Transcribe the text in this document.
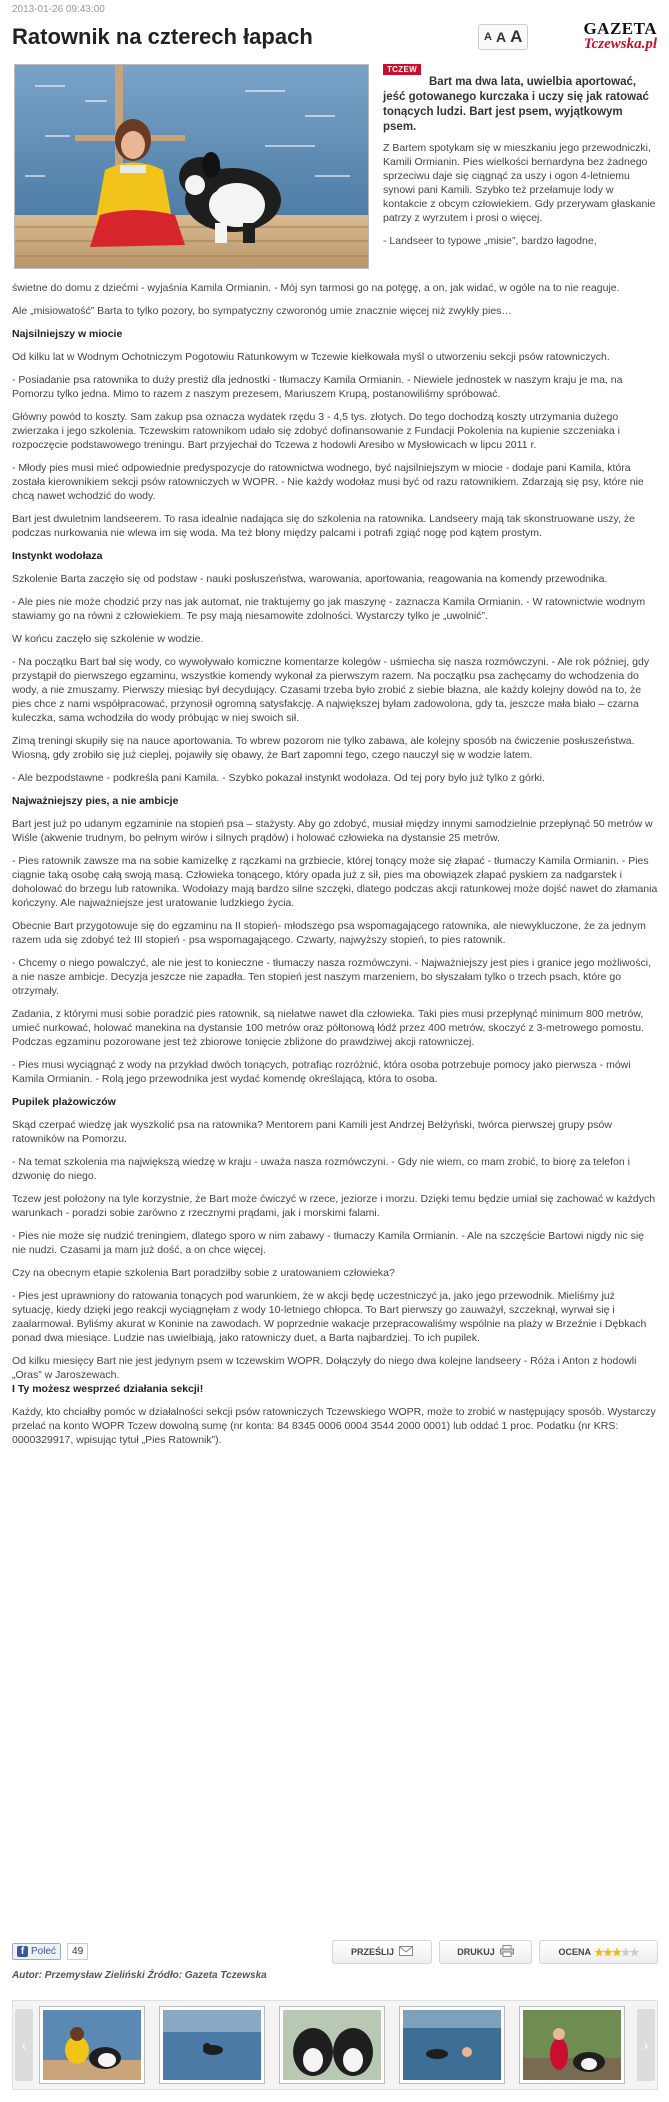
2013-01-26 09:43:00
Ratownik na czterech łapach	A A A	GAZETA
Tczewska.pl
TCZEW

Bart ma dwa lata, uwielbia aportować, jeść gotowanego kurczaka i uczy się jak ratować tonących ludzi. Bart jest psem, wyjątkowym psem.

Z Bartem spotykam się w mieszkaniu jego przewodniczki, Kamili Ormianin. Pies wielkości bernardyna bez żadnego sprzeciwu daje się ciągnąć za uszy i ogon 4-letniemu synowi pani Kamili. Szybko też przełamuje lody w kontakcie z obcym człowiekiem. Gdy przerywam głaskanie patrzy z wyrzutem i prosi o więcej.

- Landseer to typowe „misie”, bardzo łagodne,

świetne do domu z dziećmi - wyjaśnia Kamila Ormianin. - Mój syn tarmosi go na potęgę, a on, jak widać, w ogóle na to nie reaguje.

Ale „misiowatość” Barta to tylko pozory, bo sympatyczny czworonóg umie znacznie więcej niż zwykły pies…

Najsilniejszy w miocie

Od kilku lat w Wodnym Ochotniczym Pogotowiu Ratunkowym w Tczewie kiełkowała myśl o utworzeniu sekcji psów ratowniczych.

- Posiadanie psa ratownika to duży prestiż dla jednostki - tłumaczy Kamila Ormianin. - Niewiele jednostek w naszym kraju je ma, na Pomorzu tylko jedna. Mimo to razem z naszym prezesem, Mariuszem Krupą, postanowiliśmy spróbować.

Główny powód to koszty. Sam zakup psa oznacza wydatek rzędu 3 - 4,5 tys. złotych. Do tego dochodzą koszty utrzymania dużego zwierzaka i jego szkolenia. Tczewskim ratownikom udało się zdobyć dofinansowanie z Fundacji Pokolenia na kupienie szczeniaka i rozpoczęcie podstawowego treningu. Bart przyjechał do Tczewa z hodowli Aresibo w Mysłowicach w lipcu 2011 r.

- Młody pies musi mieć odpowiednie predyspozycje do ratownictwa wodnego, być najsilniejszym w miocie - dodaje pani Kamila, która została kierownikiem sekcji psów ratowniczych w WOPR. - Nie każdy wodołaz musi być od razu ratownikiem. Zdarzają się psy, które nie chcą nawet wchodzić do wody.

Bart jest dwuletnim landseerem. To rasa idealnie nadająca się do szkolenia na ratownika. Landseery mają tak skonstruowane uszy, że podczas nurkowania nie wlewa im się woda. Ma też błony między palcami i potrafi zgiąć nogę pod kątem prostym.

Instynkt wodołaza

Szkolenie Barta zaczęło się od podstaw - nauki posłuszeństwa, warowania, aportowania, reagowania na komendy przewodnika.

- Ale pies nie może chodzić przy nas jak automat, nie traktujemy go jak maszynę - zaznacza Kamila Ormianin. - W ratownictwie wodnym stawiamy go na równi z człowiekiem. Te psy mają niesamowite zdolności. Wystarczy tylko je „uwolnić”.

W końcu zaczęło się szkolenie w wodzie.

- Na początku Bart bał się wody, co wywoływało komiczne komentarze kolegów - uśmiecha się nasza rozmówczyni. - Ale rok później, gdy przystąpił do pierwszego egzaminu, wszystkie komendy wykonał za pierwszym razem. Na początku psa zachęcamy do wchodzenia do wody, a nie zmuszamy. Pierwszy miesiąc był decydujący. Czasami trzeba było zrobić z siebie błazna, ale każdy kolejny dowód na to, że pies chce z nami współpracować, przynosił ogromną satysfakcję. A największej byłam zadowolona, gdy ta, jeszcze mała biało – czarna kuleczka, sama wchodziła do wody próbując w niej swoich sił.

Zimą treningi skupiły się na nauce aportowania. To wbrew pozorom nie tylko zabawa, ale kolejny sposób na ćwiczenie posłuszeństwa. Wiosną, gdy zrobiło się już cieplej, pojawiły się obawy, że Bart zapomni tego, czego nauczył się w wodzie latem.

- Ale bezpodstawne - podkreśla pani Kamila. - Szybko pokazał instynkt wodołaza. Od tej pory było już tylko z górki.

Najważniejszy pies, a nie ambicje

Bart jest już po udanym egzaminie na stopień psa – stażysty. Aby go zdobyć, musiał między innymi samodzielnie przepłynąć 50 metrów w Wiśle (akwenie trudnym, bo pełnym wirów i silnych prądów) i holować człowieka na dystansie 25 metrów.

- Pies ratownik zawsze ma na sobie kamizelkę z rączkami na grzbiecie, której tonący może się złapać - tłumaczy Kamila Ormianin. - Pies ciągnie taką osobę całą swoją masą. Człowieka tonącego, który opada już z sił, pies ma obowiązek złapać pyskiem za nadgarstek i doholować do brzegu lub ratownika. Wodołazy mają bardzo silne szczęki, dlatego podczas akcji ratunkowej może dojść nawet do złamania kończyny. Ale najważniejsze jest uratowanie ludzkiego życia.

Obecnie Bart przygotowuje się do egzaminu na II stopień- młodszego psa wspomagającego ratownika, ale niewykluczone, że za jednym razem uda się zdobyć też III stopień - psa wspomagającego. Czwarty, najwyższy stopień, to pies ratownik.

- Chcemy o niego powalczyć, ale nie jest to konieczne - tłumaczy nasza rozmówczyni. - Najważniejszy jest pies i granice jego możliwości, a nie nasze ambicje. Decyzja jeszcze nie zapadła. Ten stopień jest naszym marzeniem, bo słyszałam tylko o trzech psach, które go otrzymały.

Zadania, z którymi musi sobie poradzić pies ratownik, są niełatwe nawet dla człowieka. Taki pies musi przepłynąć minimum 800 metrów, umieć nurkować, holować manekina na dystansie 100 metrów oraz półtonową łódź przez 400 metrów, skoczyć z 3-metrowego pomostu. Podczas egzaminu pozorowane jest też zbiorowe tonięcie zbliżone do prawdziwej akcji ratowniczej.

- Pies musi wyciągnąć z wody na przykład dwóch tonących, potrafiąc rozróżnić, która osoba potrzebuje pomocy jako pierwsza - mówi Kamila Ormianin. - Rolą jego przewodnika jest wydać komendę określającą, która to osoba.

Pupilek plażowiczów

Skąd czerpać wiedzę jak wyszkolić psa na ratownika? Mentorem pani Kamili jest Andrzej Bełżyński, twórca pierwszej grupy psów ratowników na Pomorzu.

- Na temat szkolenia ma największą wiedzę w kraju - uważa nasza rozmówczyni. - Gdy nie wiem, co mam zrobić, to biorę za telefon i dzwonię do niego.

Tczew jest położony na tyle korzystnie, że Bart może ćwiczyć w rzece, jeziorze i morzu. Dzięki temu będzie umiał się zachować w każdych warunkach - poradzi sobie zarówno z rzecznymi prądami, jak i morskimi falami.

- Pies nie może się nudzić treningiem, dlatego sporo w nim zabawy - tłumaczy Kamila Ormianin. - Ale na szczęście Bartowi nigdy nic się nie nudzi. Czasami ja mam już dość, a on chce więcej.

Czy na obecnym etapie szkolenia Bart poradziłby sobie z uratowaniem człowieka?

- Pies jest uprawniony do ratowania tonących pod warunkiem, że w akcji będę uczestniczyć ja, jako jego przewodnik. Mieliśmy już sytuację, kiedy dzięki jego reakcji wyciągnęłam z wody 10-letniego chłopca. To Bart pierwszy go zauważył, szczeknął, wyrwał się i zaalarmował. Byliśmy akurat w Koninie na zawodach. W poprzednie wakacje przepracowaliśmy wspólnie na plaży w Brzeźnie i Dębkach ponad dwa miesiące. Ludzie nas uwielbiają, jako ratowniczy duet, a Barta najbardziej. To ich pupilek.

Od kilku miesięcy Bart nie jest jedynym psem w tczewskim WOPR. Dołączyły do niego dwa kolejne landseery - Róża i Anton z hodowli „Oras” w Jaroszewach.

I Ty możesz wesprzeć działania sekcji!

Każdy, kto chciałby pomóc w działalności sekcji psów ratowniczych Tczewskiego WOPR, może to zrobić w następujący sposób. Wystarczy przelać na konto WOPR Tczew dowolną sumę (nr konta: 84 8345 0006 0004 3544 2000 0001) lub oddać 1 proc. Podatku (nr KRS: 0000329917, wpisując tytuł „Pies Ratownik”).

f Poleć	49	PRZEŚLIJ	DRUKUJ	OCENA ★★★★★
Autor: Przemysław Zieliński Źródło: Gazeta Tczewska
‹	›
